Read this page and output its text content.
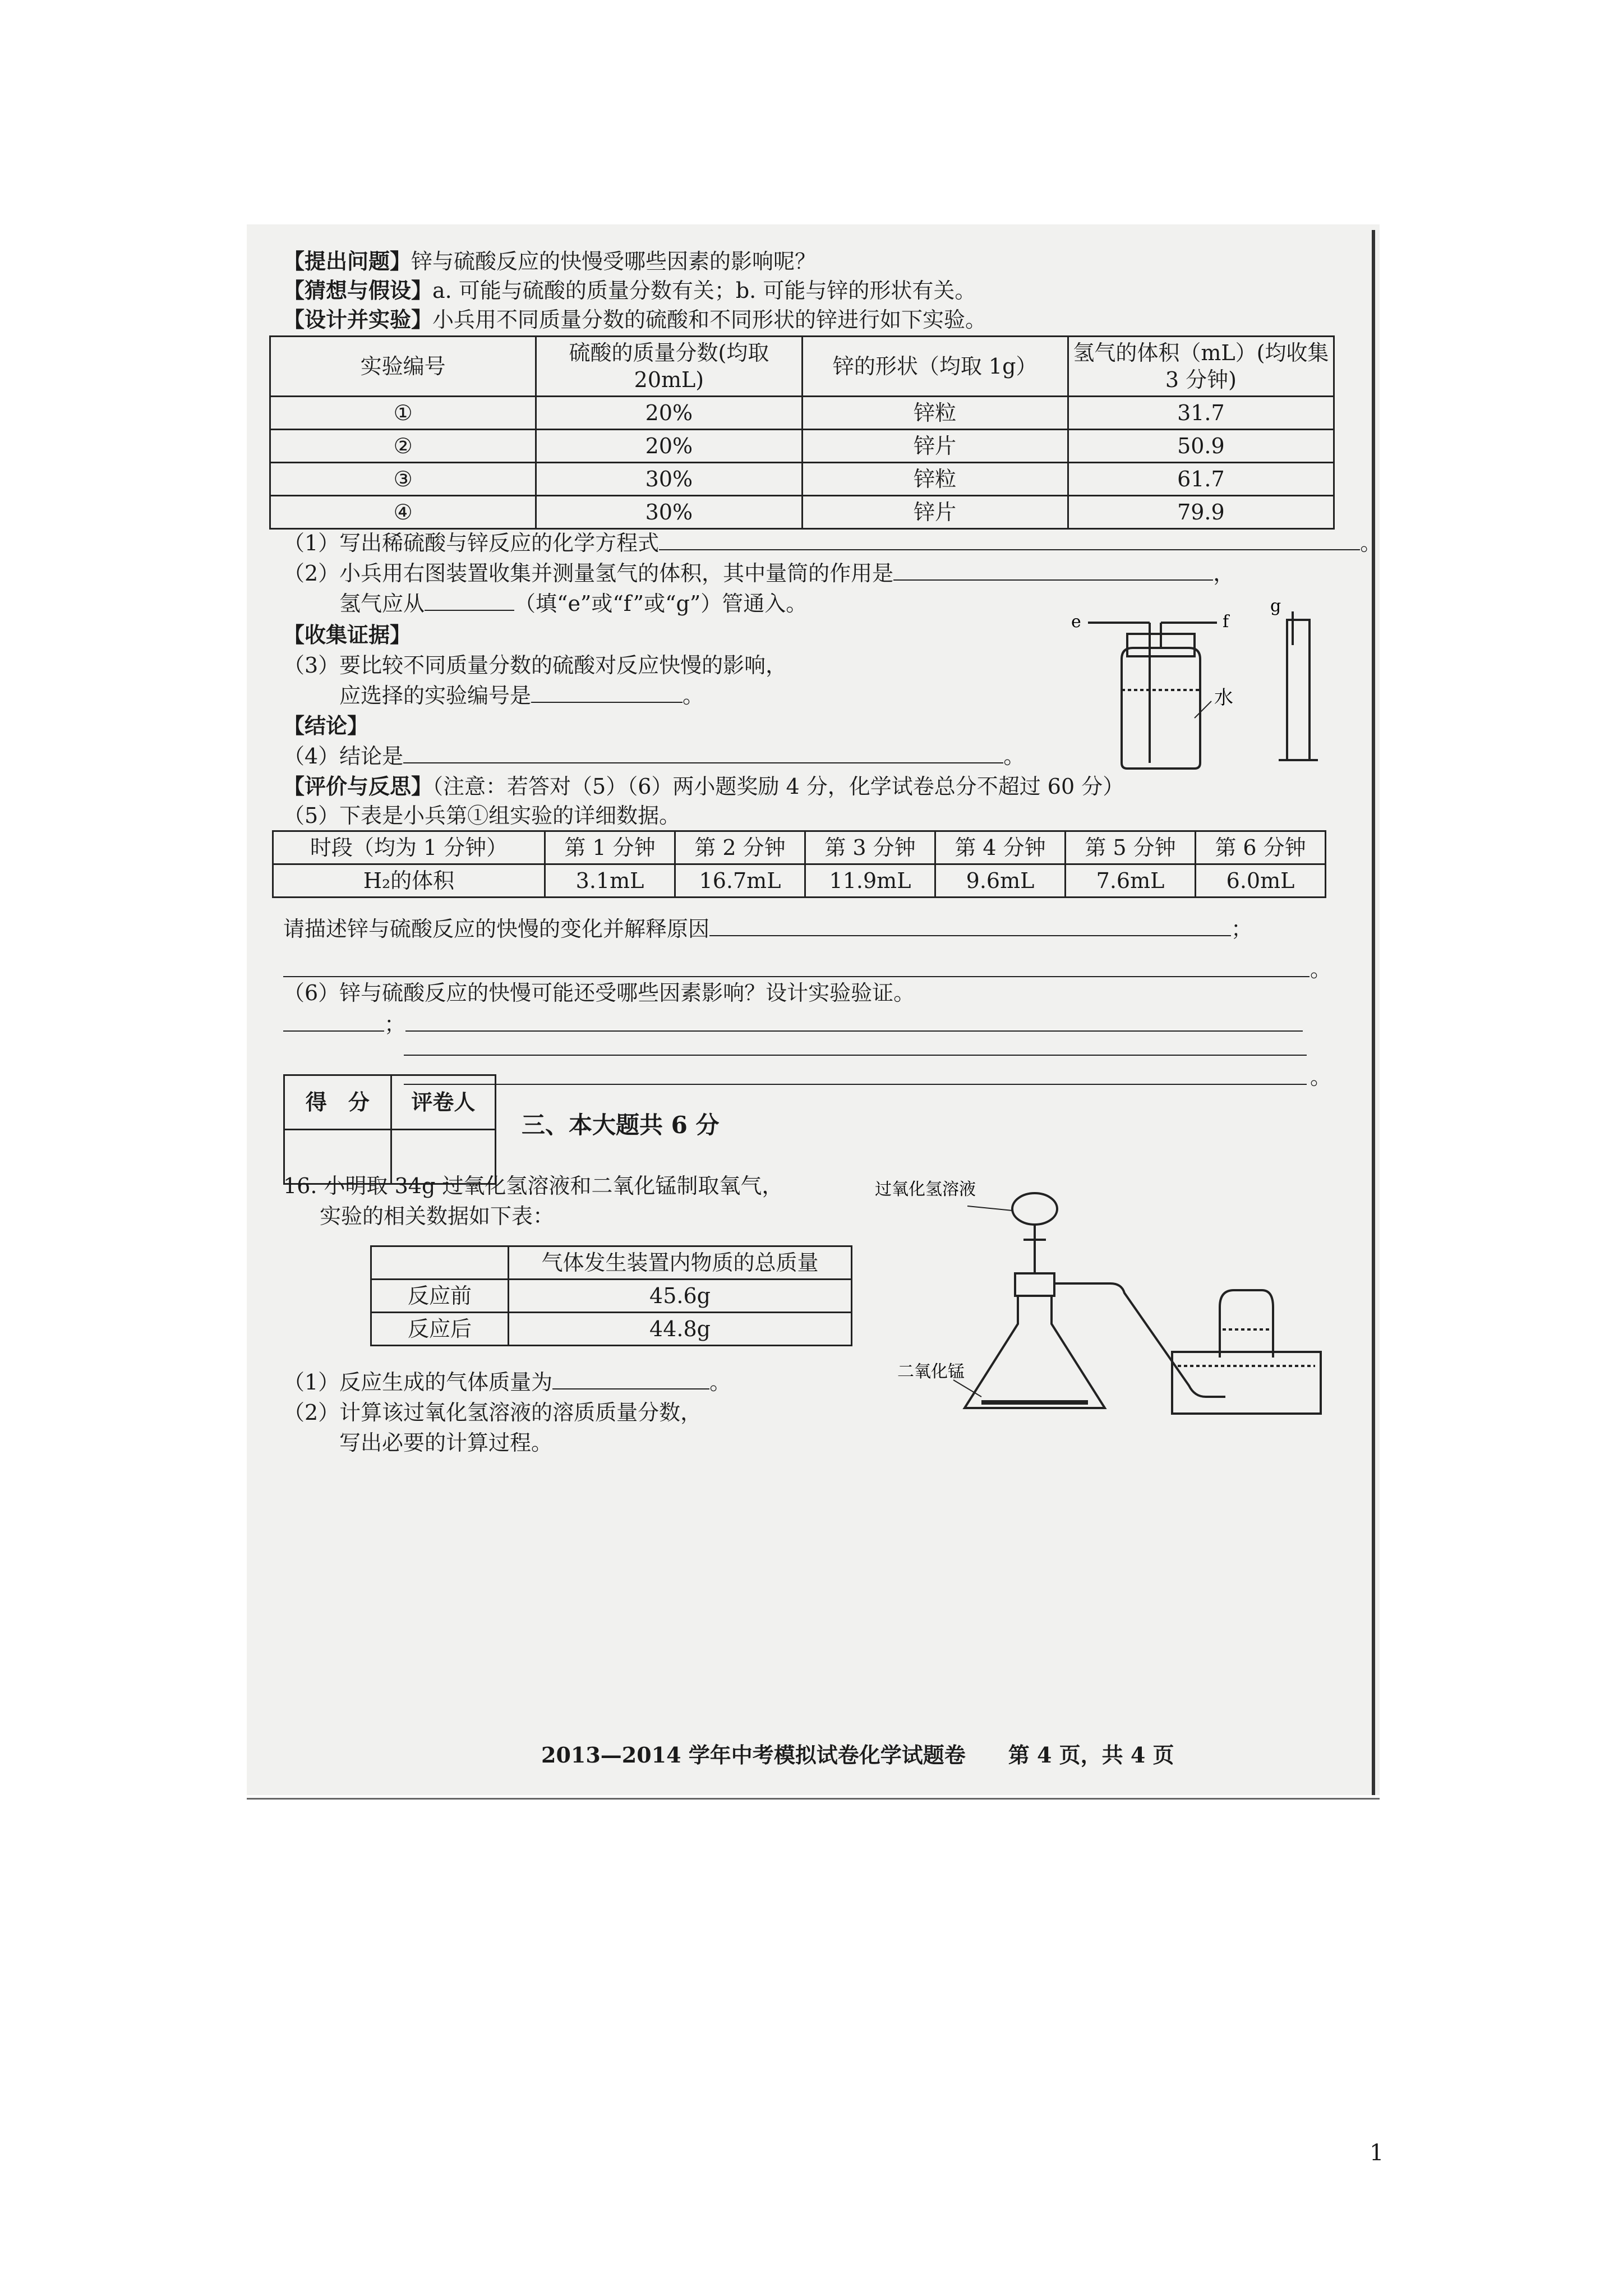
【提出问题】锌与硫酸反应的快慢受哪些因素的影响呢？
【猜想与假设】a. 可能与硫酸的质量分数有关；b. 可能与锌的形状有关。
【设计并实验】小兵用不同质量分数的硫酸和不同形状的锌进行如下实验。
实验编号	硫酸的质量分数(均取 20mL)	锌的形状（均取 1g）	氢气的体积（mL）(均收集 3 分钟)
①	20%	锌粒	31.7
②	20%	锌片	50.9
③	30%	锌粒	61.7
④	30%	锌片	79.9
（1）写出稀硫酸与锌反应的化学方程式	。
（2）小兵用右图装置收集并测量氢气的体积，其中量筒的作用是	，
氢气应从	（填“e”或“f”或“g”）管通入。
【收集证据】
（3）要比较不同质量分数的硫酸对反应快慢的影响，
应选择的实验编号是	。
【结论】
（4）结论是	。
e	f
g
水
【评价与反思】（注意：若答对（5）（6）两小题奖励 4 分，化学试卷总分不超过 60 分）
（5）下表是小兵第①组实验的详细数据。
时段（均为 1 分钟）	第 1 分钟	第 2 分钟	第 3 分钟	第 4 分钟	第 5 分钟	第 6 分钟
H₂的体积	3.1mL	16.7mL	11.9mL	9.6mL	7.6mL	6.0mL
请描述锌与硫酸反应的快慢的变化并解释原因	；
。
（6）锌与硫酸反应的快慢可能还受哪些因素影响？设计实验验证。
；
。
得　分	评卷人

三、本大题共 6 分
16. 小明取 34g 过氧化氢溶液和二氧化锰制取氧气，
实验的相关数据如下表：
	气体发生装置内物质的总质量
反应前	45.6g
反应后	44.8g
（1）反应生成的气体质量为	。
（2）计算该过氧化氢溶液的溶质质量分数，
写出必要的计算过程。
过氧化氢溶液
二氧化锰
2013—2014 学年中考模拟试卷化学试题卷　　第 4 页，共 4 页
1
